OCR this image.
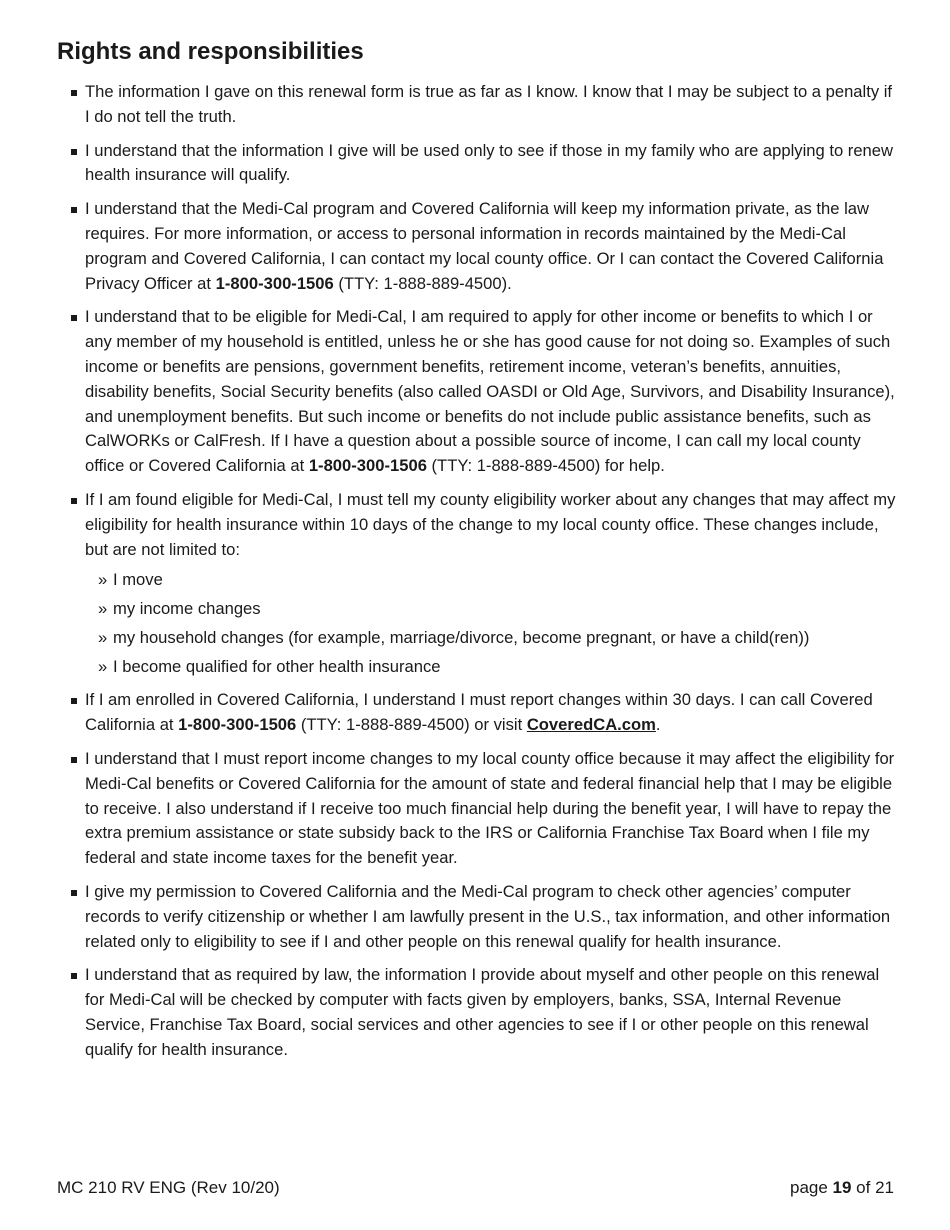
Rights and responsibilities
The information I gave on this renewal form is true as far as I know. I know that I may be subject to a penalty if I do not tell the truth.
I understand that the information I give will be used only to see if those in my family who are applying to renew health insurance will qualify.
I understand that the Medi-Cal program and Covered California will keep my information private, as the law requires. For more information, or access to personal information in records maintained by the Medi-Cal program and Covered California, I can contact my local county office. Or I can contact the Covered California Privacy Officer at 1-800-300-1506 (TTY: 1-888-889-4500).
I understand that to be eligible for Medi-Cal, I am required to apply for other income or benefits to which I or any member of my household is entitled, unless he or she has good cause for not doing so. Examples of such income or benefits are pensions, government benefits, retirement income, veteran’s benefits, annuities, disability benefits, Social Security benefits (also called OASDI or Old Age, Survivors, and Disability Insurance), and unemployment benefits. But such income or benefits do not include public assistance benefits, such as CalWORKs or CalFresh. If I have a question about a possible source of income, I can call my local county office or Covered California at 1-800-300-1506 (TTY: 1-888-889-4500) for help.
If I am found eligible for Medi-Cal, I must tell my county eligibility worker about any changes that may affect my eligibility for health insurance within 10 days of the change to my local county office. These changes include, but are not limited to:
» I move
» my income changes
» my household changes (for example, marriage/divorce, become pregnant, or have a child(ren))
» I become qualified for other health insurance
If I am enrolled in Covered California, I understand I must report changes within 30 days. I can call Covered California at 1-800-300-1506 (TTY: 1-888-889-4500) or visit CoveredCA.com.
I understand that I must report income changes to my local county office because it may affect the eligibility for Medi-Cal benefits or Covered California for the amount of state and federal financial help that I may be eligible to receive. I also understand if I receive too much financial help during the benefit year, I will have to repay the extra premium assistance or state subsidy back to the IRS or California Franchise Tax Board when I file my federal and state income taxes for the benefit year.
I give my permission to Covered California and the Medi-Cal program to check other agencies’ computer records to verify citizenship or whether I am lawfully present in the U.S., tax information, and other information related only to eligibility to see if I and other people on this renewal qualify for health insurance.
I understand that as required by law, the information I provide about myself and other people on this renewal for Medi-Cal will be checked by computer with facts given by employers, banks, SSA, Internal Revenue Service, Franchise Tax Board, social services and other agencies to see if I or other people on this renewal qualify for health insurance.
MC 210 RV ENG (Rev 10/20)	page 19 of 21
